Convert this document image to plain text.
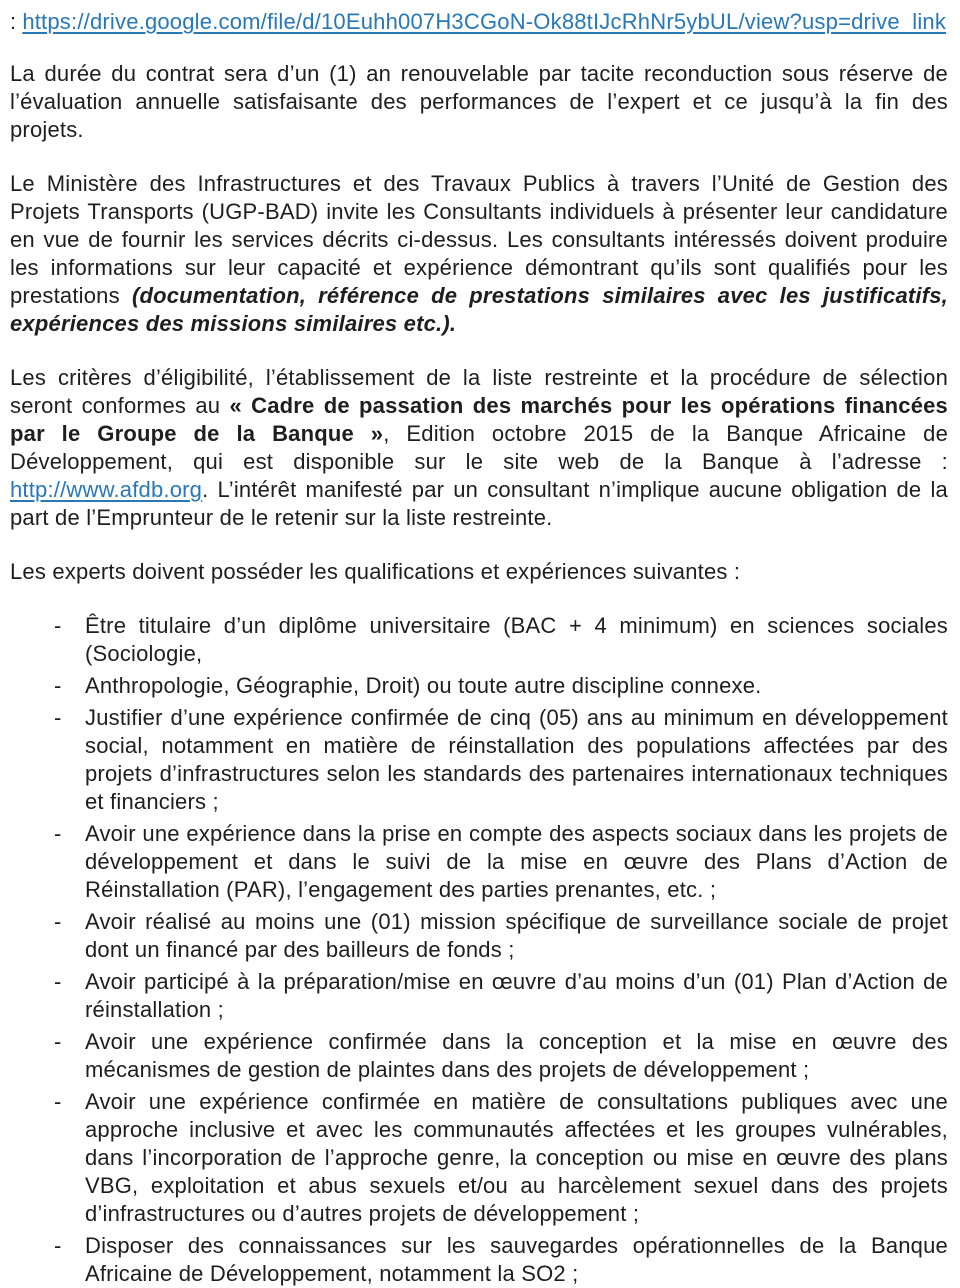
: https://drive.google.com/file/d/10Euhh007H3CGoN-Ok88tIJcRhNr5ybUL/view?usp=drive_link

La durée du contrat sera d’un (1) an renouvelable par tacite reconduction sous réserve de l’évaluation annuelle satisfaisante des performances de l’expert et ce jusqu’à la fin des projets.

Le Ministère des Infrastructures et des Travaux Publics à travers l’Unité de Gestion des Projets Transports (UGP-BAD) invite les Consultants individuels à présenter leur candidature en vue de fournir les services décrits ci-dessus. Les consultants intéressés doivent produire les informations sur leur capacité et expérience démontrant qu’ils sont qualifiés pour les prestations (documentation, référence de prestations similaires avec les justificatifs, expériences des missions similaires etc.).

Les critères d’éligibilité, l’établissement de la liste restreinte et la procédure de sélection seront conformes au « Cadre de passation des marchés pour les opérations financées par le Groupe de la Banque », Edition octobre 2015 de la Banque Africaine de Développement, qui est disponible sur le site web de la Banque à l’adresse : http://www.afdb.org. L’intérêt manifesté par un consultant n’implique aucune obligation de la part de l’Emprunteur de le retenir sur la liste restreinte.

Les experts doivent posséder les qualifications et expériences suivantes :

-	Être titulaire d’un diplôme universitaire (BAC + 4 minimum) en sciences sociales (Sociologie,
-	Anthropologie, Géographie, Droit) ou toute autre discipline connexe.
-	Justifier d’une expérience confirmée de cinq (05) ans au minimum en développement social, notamment en matière de réinstallation des populations affectées par des projets d’infrastructures selon les standards des partenaires internationaux techniques et financiers ;
-	Avoir une expérience dans la prise en compte des aspects sociaux dans les projets de développement et dans le suivi de la mise en œuvre des Plans d’Action de Réinstallation (PAR), l’engagement des parties prenantes, etc. ;
-	Avoir réalisé au moins une (01) mission spécifique de surveillance sociale de projet dont un financé par des bailleurs de fonds ;
-	Avoir participé à la préparation/mise en œuvre d’au moins d’un (01) Plan d’Action de réinstallation ;
-	Avoir une expérience confirmée dans la conception et la mise en œuvre des mécanismes de gestion de plaintes dans des projets de développement ;
-	Avoir une expérience confirmée en matière de consultations publiques avec une approche inclusive et avec les communautés affectées et les groupes vulnérables, dans l’incorporation de l’approche genre, la conception ou mise en œuvre des plans VBG, exploitation et abus sexuels et/ou au harcèlement sexuel dans des projets d’infrastructures ou d’autres projets de développement ;
-	Disposer des connaissances sur les sauvegardes opérationnelles de la Banque Africaine de Développement, notamment la SO2 ;
